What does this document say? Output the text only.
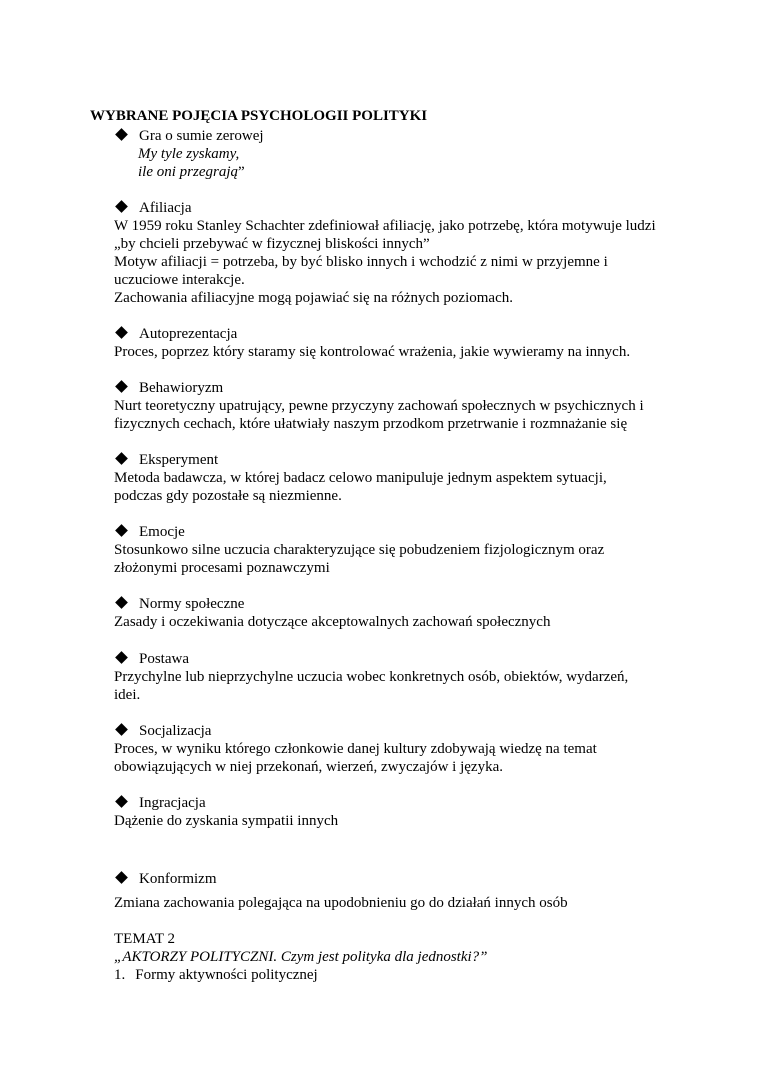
WYBRANE POJĘCIA PSYCHOLOGII POLITYKI
Gra o sumie zerowej
My tyle zyskamy,
ile oni przegrają”
Afiliacja
W 1959 roku Stanley Schachter zdefiniował afiliację, jako potrzebę, która motywuje ludzi
„by chcieli przebywać w fizycznej bliskości innych”
Motyw afiliacji = potrzeba, by być blisko innych i wchodzić z nimi w przyjemne i
uczuciowe interakcje.
Zachowania afiliacyjne mogą pojawiać się na różnych poziomach.
Autoprezentacja
Proces, poprzez który staramy się kontrolować wrażenia, jakie wywieramy na innych.
Behawioryzm
Nurt teoretyczny upatrujący, pewne przyczyny zachowań społecznych w psychicznych i
fizycznych cechach, które ułatwiały naszym przodkom przetrwanie i rozmnażanie się
Eksperyment
Metoda badawcza, w której badacz celowo manipuluje jednym aspektem sytuacji,
podczas gdy pozostałe są niezmienne.
Emocje
Stosunkowo silne uczucia charakteryzujące się pobudzeniem fizjologicznym oraz
złożonymi procesami poznawczymi
Normy społeczne
Zasady i oczekiwania dotyczące akceptowalnych zachowań społecznych
Postawa
Przychylne lub nieprzychylne uczucia wobec konkretnych osób, obiektów, wydarzeń,
idei.
Socjalizacja
Proces, w wyniku którego członkowie danej kultury zdobywają wiedzę na temat
obowiązujących w niej przekonań, wierzeń, zwyczajów i języka.
Ingracjacja
Dążenie do zyskania sympatii innych
Konformizm
Zmiana zachowania polegająca na upodobnieniu go do działań innych osób
TEMAT 2
„AKTORZY POLITYCZNI. Czym jest polityka dla jednostki?”
1. Formy aktywności politycznej
